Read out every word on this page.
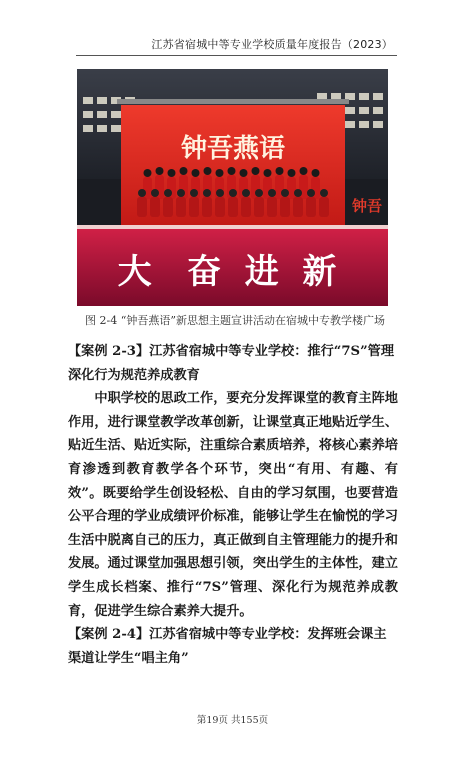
江苏省宿城中等专业学校质量年度报告（2023）
钟吾燕语
钟吾
大   奋  进  新
图 2-4 “钟吾燕语”新思想主题宣讲活动在宿城中专教学楼广场

【案例 2-3】江苏省宿城中等专业学校：推行“7S”管理 深化行为规范养成教育

中职学校的思政工作，要充分发挥课堂的教育主阵地作用，进行课堂教学改革创新，让课堂真正地贴近学生、贴近生活、贴近实际，注重综合素质培养，将核心素养培育渗透到教育教学各个环节，突出“有用、有趣、有效”。既要给学生创设轻松、自由的学习氛围，也要营造公平合理的学业成绩评价标准，能够让学生在愉悦的学习生活中脱离自己的压力，真正做到自主管理能力的提升和发展。通过课堂加强思想引领，突出学生的主体性，建立学生成长档案、推行“7S”管理、深化行为规范养成教育，促进学生综合素养大提升。

【案例 2-4】江苏省宿城中等专业学校：发挥班会课主渠道让学生“唱主角”

第19页 共155页
